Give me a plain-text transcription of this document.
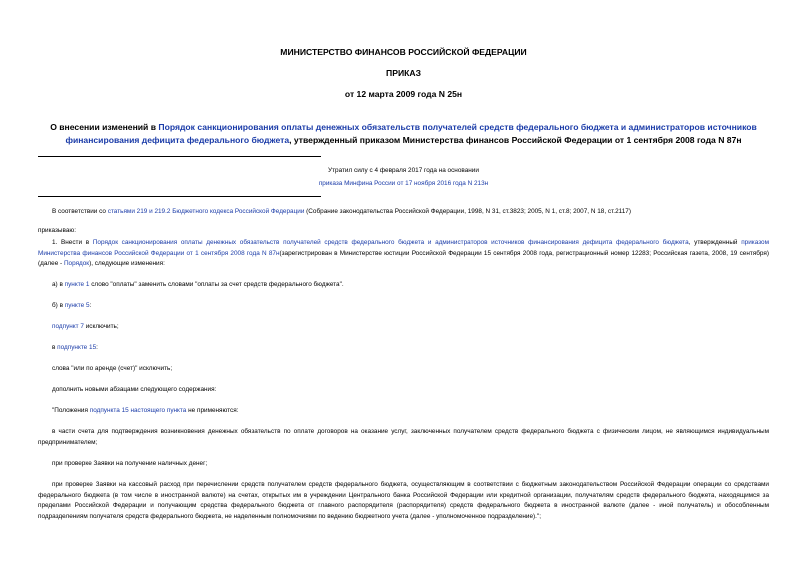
МИНИСТЕРСТВО ФИНАНСОВ РОССИЙСКОЙ ФЕДЕРАЦИИ
ПРИКАЗ
от 12 марта 2009 года N 25н
О внесении изменений в Порядок санкционирования оплаты денежных обязательств получателей средств федерального бюджета и администраторов источников финансирования дефицита федерального бюджета, утвержденный приказом Министерства финансов Российской Федерации от 1 сентября 2008 года N 87н
Утратил силу с 4 февраля 2017 года на основании
приказа Минфина России от 17 ноября 2016 года N 213н
В соответствии со статьями 219 и 219.2 Бюджетного кодекса Российской Федерации (Собрание законодательства Российской Федерации, 1998, N 31, ст.3823; 2005, N 1, ст.8; 2007, N 18, ст.2117)
приказываю:
1. Внести в Порядок санкционирования оплаты денежных обязательств получателей средств федерального бюджета и администраторов источников финансирования дефицита федерального бюджета, утвержденный приказом Министерства финансов Российской Федерации от 1 сентября 2008 года N 87н(зарегистрирован в Министерстве юстиции Российской Федерации 15 сентября 2008 года, регистрационный номер 12283; Российская газета, 2008, 19 сентября) (далее - Порядок), следующие изменения:
а) в пункте 1 слово "оплаты" заменить словами "оплаты за счет средств федерального бюджета".
б) в пункте 5:
подпункт 7 исключить;
в подпункте 15:
слова "или по аренде (счет)" исключить;
дополнить новыми абзацами следующего содержания:
"Положения подпункта 15 настоящего пункта не применяются:
в части счета для подтверждения возникновения денежных обязательств по оплате договоров на оказание услуг, заключенных получателем средств федерального бюджета с физическим лицом, не являющимся индивидуальным предпринимателем;
при проверке Заявки на получение наличных денег;
при проверке Заявки на кассовый расход при перечислении средств получателем средств федерального бюджета, осуществляющим в соответствии с бюджетным законодательством Российской Федерации операции со средствами федерального бюджета (в том числе в иностранной валюте) на счетах, открытых им в учреждении Центрального банка Российской Федерации или кредитной организации, получателям средств федерального бюджета, находящимся за пределами Российской Федерации и получающим средства федерального бюджета от главного распорядителя (распорядителя) средств федерального бюджета в иностранной валюте (далее - иной получатель) и обособленным подразделениям получателя средств федерального бюджета, не наделенным полномочиями по ведению бюджетного учета (далее - уполномоченное подразделение).";
